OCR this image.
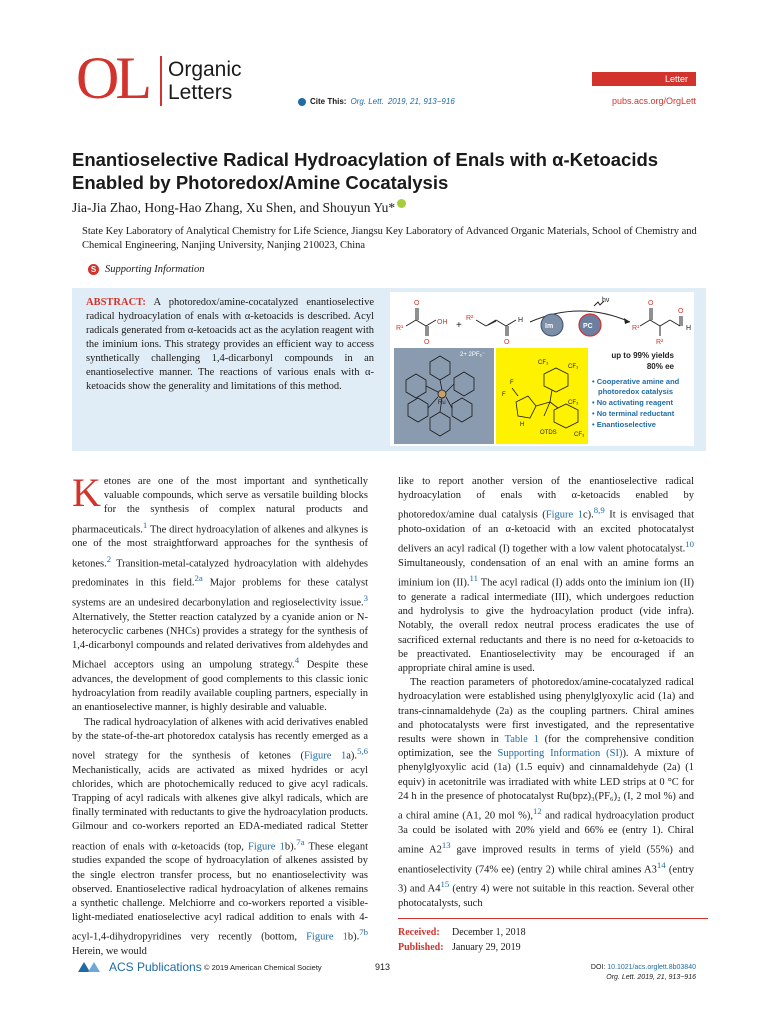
OL Organic
Letters	Cite This: Org. Lett. 2019, 21, 913−916
Letter
pubs.acs.org/OrgLett
Enantioselective Radical Hydroacylation of Enals with α-Ketoacids
Enabled by Photoredox/Amine Cocatalysis
Jia-Jia Zhao, Hong-Hao Zhang, Xu Shen, and Shouyun Yu*
State Key Laboratory of Analytical Chemistry for Life Science, Jiangsu Key Laboratory of Advanced Organic Materials, School of Chemistry and Chemical Engineering, Nanjing University, Nanjing 210023, China
S Supporting Information
ABSTRACT: A photoredox/amine-cocatalyzed enantioselective radical hydroacylation of enals with α-ketoacids is described. Acyl radicals generated from α-ketoacids act as the acylation reagent with the iminium ions. This strategy provides an efficient way to access synthetically challenging 1,4-dicarbonyl compounds in an enantioselective manner. The reactions of various enals with α-ketoacids show the generality and limitations of this method.
R¹
O
O
OH +
R²	H
O
Im	PC
hν
R¹
O
O
R²
H
up to 99% yields
80% ee
Ru
2+ 2PF₆⁻
F
F
H
CF₃
CF₃
CF₃
CF₃
OTDS
• Cooperative amine and
photoredox catalysis
• No activating reagent
• No terminal reductant
• Enantioselective

Ketones are one of the most important and synthetically valuable compounds, which serve as versatile building blocks for the synthesis of complex natural products and pharmaceuticals.$^1$ The direct hydroacylation of alkenes and alkynes is one of the most straightforward approaches for the synthesis of ketones.$^2$ Transition-metal-catalyzed hydroacylation with aldehydes predominates in this field.$^{2a}$ Major problems for these catalyst systems are an undesired decarbonylation and regioselectivity issue.$^3$ Alternatively, the Stetter reaction catalyzed by a cyanide anion or N-heterocyclic carbenes (NHCs) provides a strategy for the synthesis of 1,4-dicarbonyl compounds and related derivatives from aldehydes and Michael acceptors using an umpolung strategy.$^4$ Despite these advances, the development of good complements to this classic ionic hydroacylation from readily available coupling partners, especially in an enantioselective manner, is highly desirable and valuable.

The radical hydroacylation of alkenes with acid derivatives enabled by the state-of-the-art photoredox catalysis has recently emerged as a novel strategy for the synthesis of ketones (Figure 1a).$^{5,6}$ Mechanistically, acids are activated as mixed hydrides or acyl chlorides, which are photochemically reduced to give acyl radicals. Trapping of acyl radicals with alkenes give alkyl radicals, which are finally terminated with reductants to give the hydroacylation products. Gilmour and co-workers reported an EDA-mediated radical Stetter reaction of enals with α-ketoacids (top, Figure 1b).$^{7a}$ These elegant studies expanded the scope of hydroacylation of alkenes assisted by the single electron transfer process, but no enantioselectivity was observed. Enantioselective radical hydroacylation of alkenes remains a synthetic challenge. Melchiorre and co-workers reported a visible-light-mediated enatioselective acyl radical addition to enals with 4-acyl-1,4-dihydropyridines very recently (bottom, Figure 1b).$^{7b}$ Herein, we would

like to report another version of the enantioselective radical hydroacylation of enals with α-ketoacids enabled by photoredox/amine dual catalysis (Figure 1c).$^{8,9}$ It is envisaged that photo-oxidation of an α-ketoacid with an excited photocatalyst delivers an acyl radical (I) together with a low valent photocatalyst.$^{10}$ Simultaneously, condensation of an enal with an amine forms an iminium ion (II).$^{11}$ The acyl radical (I) adds onto the iminium ion (II) to generate a radical intermediate (III), which undergoes reduction and hydrolysis to give the hydroacylation product (vide infra). Notably, the overall redox neutral process eradicates the use of sacrificed external reductants and there is no need for α-ketoacids to be preactivated. Enantioselectivity may be encouraged if an appropriate chiral amine is used.

The reaction parameters of photoredox/amine-cocatalyzed radical hydroacylation were established using phenylglyoxylic acid (1a) and trans-cinnamaldehyde (2a) as the coupling partners. Chiral amines and photocatalysts were first investigated, and the representative results were shown in Table 1 (for the comprehensive condition optimization, see the Supporting Information (SI)). A mixture of phenylglyoxylic acid (1a) (1.5 equiv) and cinnamaldehyde (2a) (1 equiv) in acetonitrile was irradiated with white LED strips at 0 °C for 24 h in the presence of photocatalyst Ru(bpz)₃(PF₆)₂ (I, 2 mol %) and a chiral amine (A1, 20 mol %),$^{12}$ and radical hydroacylation product 3a could be isolated with 20% yield and 66% ee (entry 1). Chiral amine A2$^{13}$ gave improved results in terms of yield (55%) and enantioselectivity (74% ee) (entry 2) while chiral amines A3$^{14}$ (entry 3) and A4$^{15}$ (entry 4) were not suitable in this reaction. Several other photocatalysts, such

Received: December 1, 2018
Published: January 29, 2019
ACS Publications © 2019 American Chemical Society	913	DOI: 10.1021/acs.orglett.8b03840
Org. Lett. 2019, 21, 913−916
